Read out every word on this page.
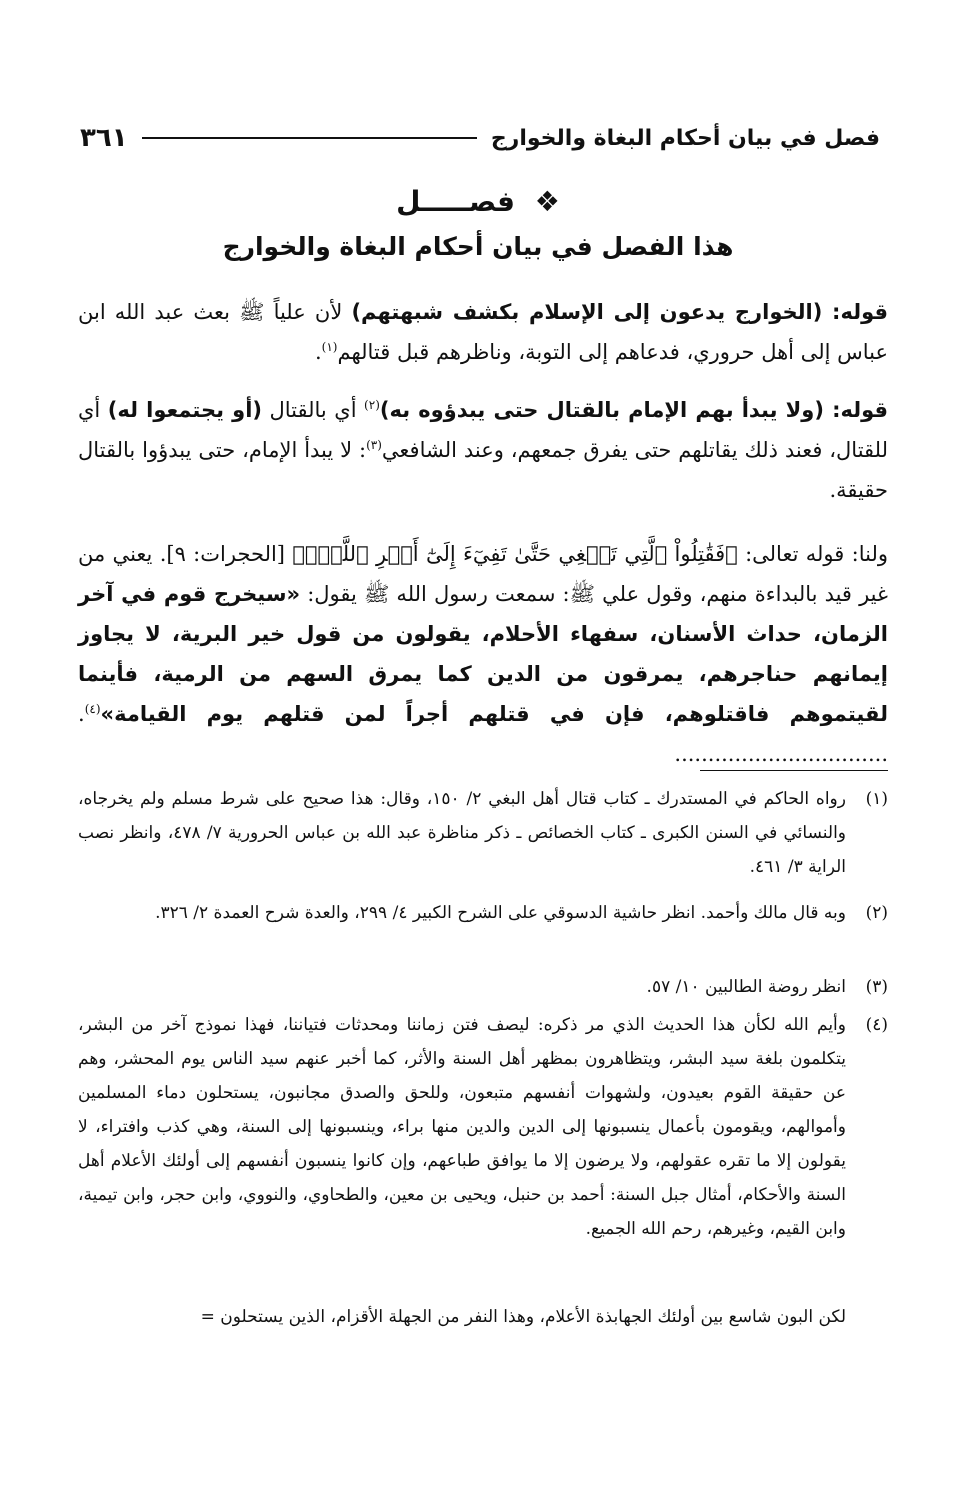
فصل في بيان أحكام البغاة والخوارج
٣٦١
❖ فصـــــل
هذا الفصل في بيان أحكام البغاة والخوارج
قوله: (الخوارج يدعون إلى الإسلام بكشف شبهتهم) لأن علياً ﷺ بعث عبد الله ابن عباس إلى أهل حروري، فدعاهم إلى التوبة، وناظرهم قبل قتالهم$^{(١)}$.
قوله: (ولا يبدأ بهم الإمام بالقتال حتى يبدؤوه به)$^{(٢)}$ أي بالقتال (أو يجتمعوا له) أي للقتال، فعند ذلك يقاتلهم حتى يفرق جمعهم، وعند الشافعي$^{(٣)}$: لا يبدأ الإمام، حتى يبدؤوا بالقتال حقيقة.
ولنا: قوله تعالى: ﴿فَقَٰتِلُواْ ٱلَّتِي تَبۡغِي حَتَّىٰ تَفِيٓءَ إِلَىٰٓ أَمۡرِ ٱللَّهِۚ﴾ [الحجرات: ٩]. يعني من غير قيد بالبداءة منهم، وقول علي ﷺ: سمعت رسول الله ﷺ يقول: «سيخرج قوم في آخر الزمان، حداث الأسنان، سفهاء الأحلام، يقولون من قول خير البرية، لا يجاوز إيمانهم حناجرهم، يمرقون من الدين كما يمرق السهم من الرمية، فأينما لقيتموهم فاقتلوهم، فإن في قتلهم أجراً لمن قتلهم يوم القيامة»$^{(٤)}$. ................................
(١)
رواه الحاكم في المستدرك ـ كتاب قتال أهل البغي ٢/ ١٥٠، وقال: هذا صحيح على شرط مسلم ولم يخرجاه، والنسائي في السنن الكبرى ـ كتاب الخصائص ـ ذكر مناظرة عبد الله بن عباس الحرورية ٧/ ٤٧٨، وانظر نصب الراية ٣/ ٤٦١.
(٢)
وبه قال مالك وأحمد. انظر حاشية الدسوقي على الشرح الكبير ٤/ ٢٩٩، والعدة شرح العمدة ٢/ ٣٢٦.
(٣)
انظر روضة الطالبين ١٠/ ٥٧.
(٤)
وأيم الله لكأن هذا الحديث الذي مر ذكره: ليصف فتن زماننا ومحدثات فتياننا، فهذا نموذج آخر من البشر، يتكلمون بلغة سيد البشر، ويتظاهرون بمظهر أهل السنة والأثر، كما أخبر عنهم سيد الناس يوم المحشر، وهم عن حقيقة القوم بعيدون، ولشهوات أنفسهم متبعون، وللحق والصدق مجانبون، يستحلون دماء المسلمين وأموالهم، ويقومون بأعمال ينسبونها إلى الدين والدين منها براء، وينسبونها إلى السنة، وهي كذب وافتراء، لا يقولون إلا ما تقره عقولهم، ولا يرضون إلا ما يوافق طباعهم، وإن كانوا ينسبون أنفسهم إلى أولئك الأعلام أهل السنة والأحكام، أمثال جبل السنة: أحمد بن حنبل، ويحيى بن معين، والطحاوي، والنووي، وابن حجر، وابن تيمية، وابن القيم، وغيرهم، رحم الله الجميع.
لكن البون شاسع بين أولئك الجهابذة الأعلام، وهذا النفر من الجهلة الأقزام، الذين يستحلون =
